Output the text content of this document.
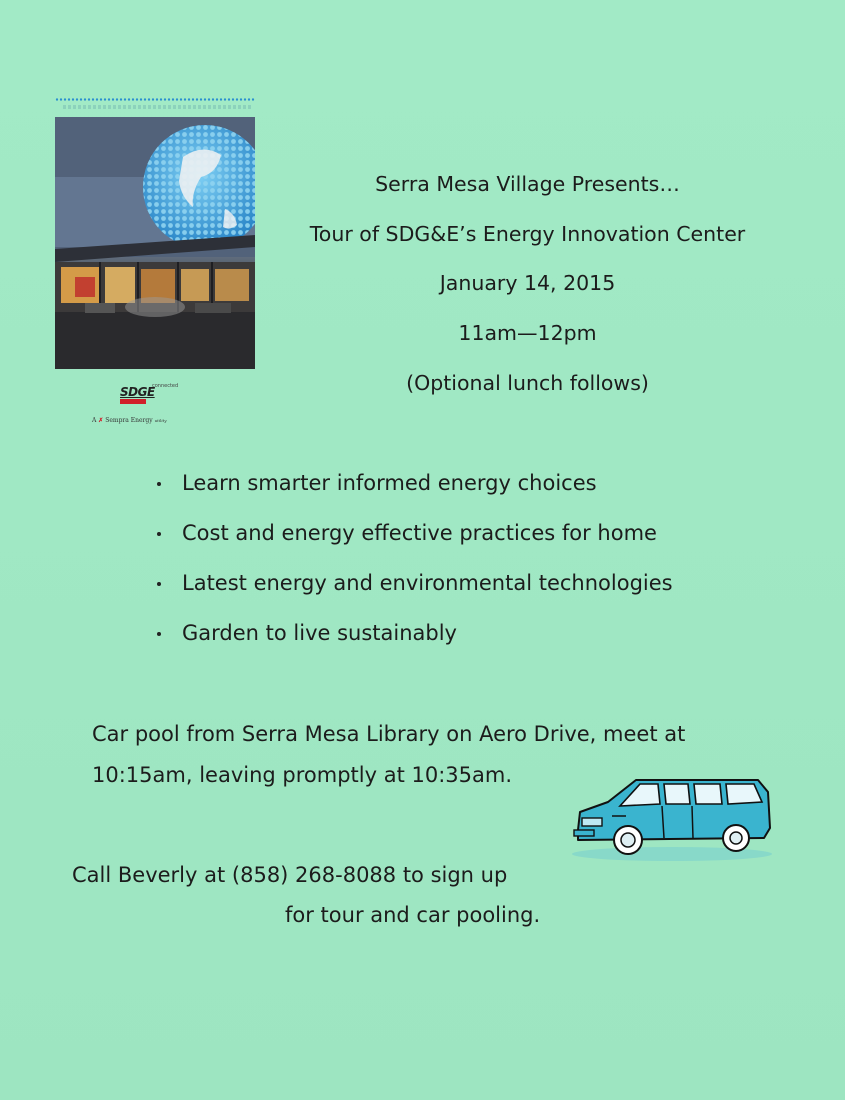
SDGE
connected
A ✗ Sempra Energy utility
Serra Mesa Village Presents…
Tour of SDG&E’s Energy Innovation Center
January 14, 2015
11am—12pm
(Optional lunch follows)
Learn smarter informed energy choices
Cost and energy effective practices for home
Latest energy and environmental technologies
Garden to live sustainably
Car pool from Serra Mesa Library on Aero Drive, meet at
10:15am, leaving promptly at 10:35am.
Call Beverly at (858) 268-8088 to sign up
for tour and car pooling.
